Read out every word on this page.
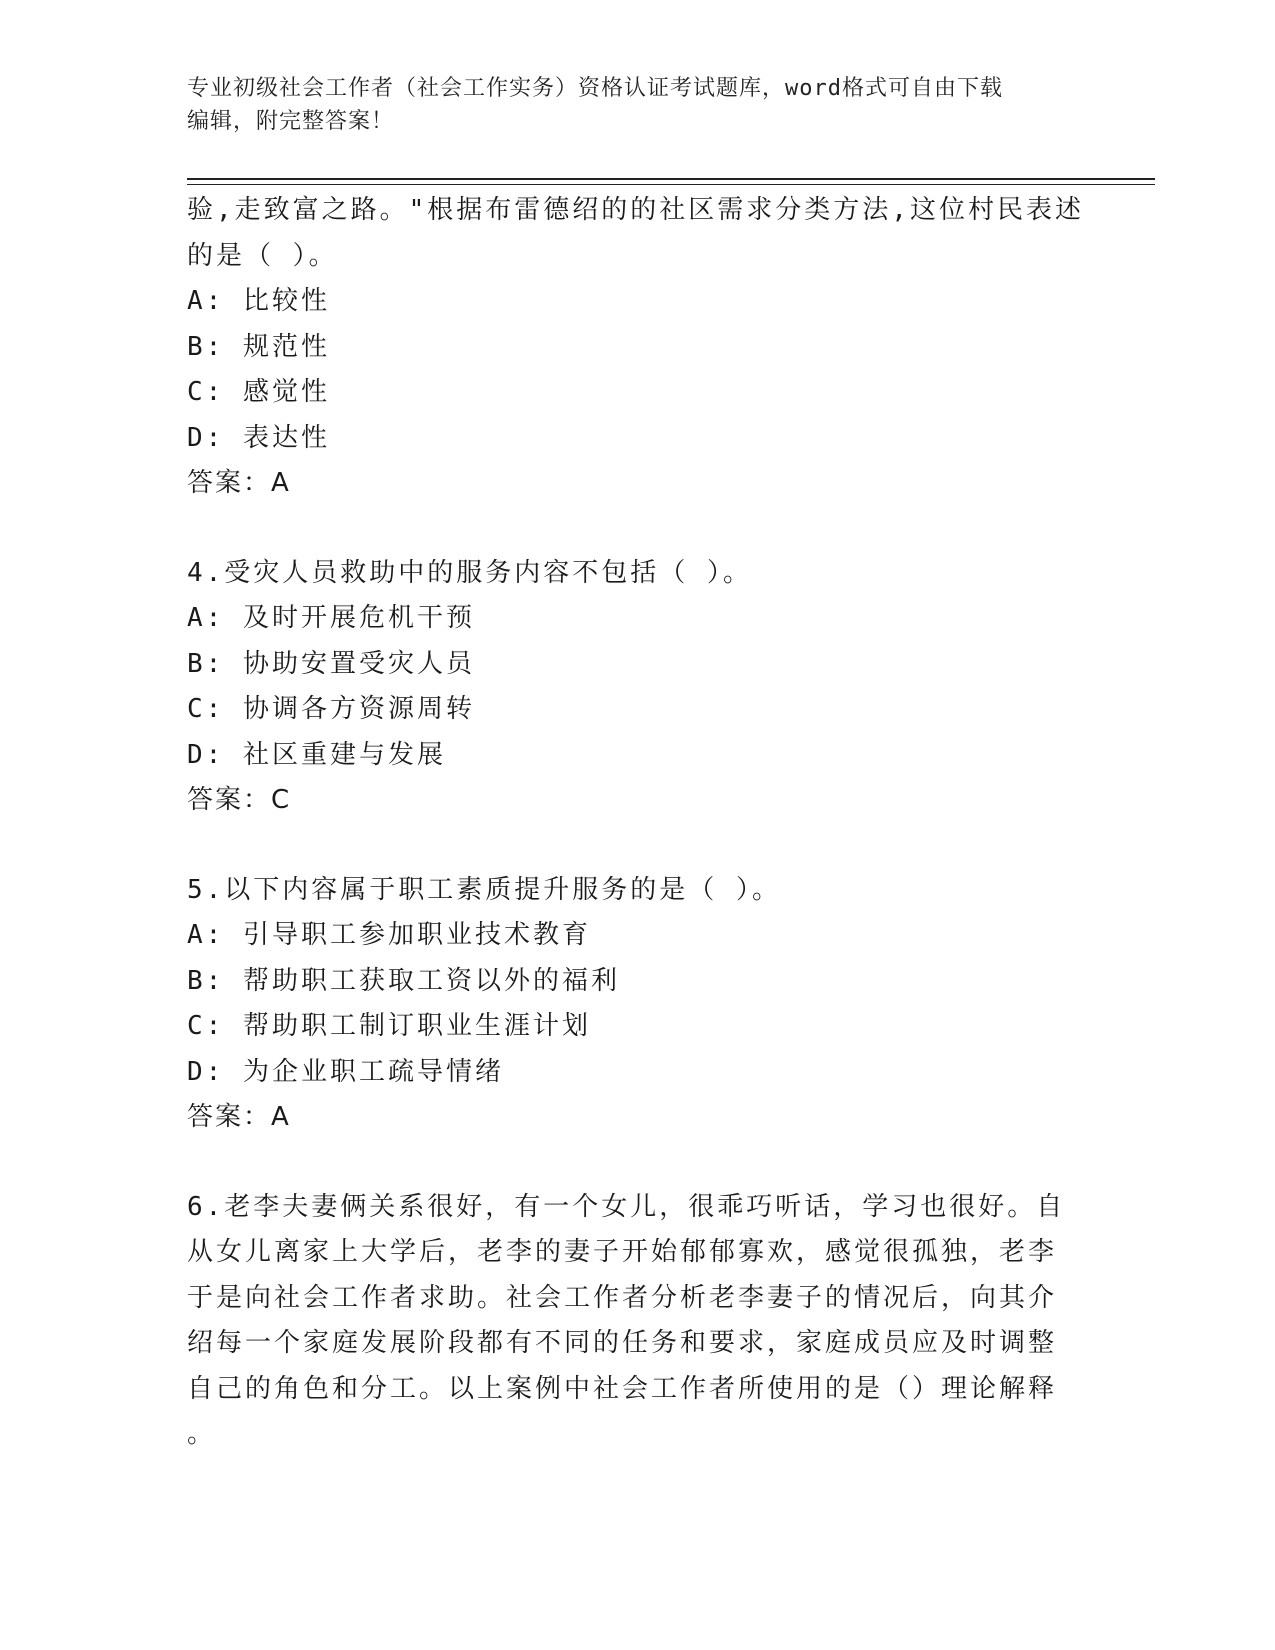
专业初级社会工作者（社会工作实务）资格认证考试题库，word格式可自由下载
编辑，附完整答案！
验,走致富之路。"根据布雷德绍的的社区需求分类方法,这位村民表述
的是（ ）。
A: 比较性
B: 规范性
C: 感觉性
D: 表达性
答案：A
4.受灾人员救助中的服务内容不包括（ ）。
A: 及时开展危机干预
B: 协助安置受灾人员
C: 协调各方资源周转
D: 社区重建与发展
答案：C
5.以下内容属于职工素质提升服务的是（ ）。
A: 引导职工参加职业技术教育
B: 帮助职工获取工资以外的福利
C: 帮助职工制订职业生涯计划
D: 为企业职工疏导情绪
答案：A
6.老李夫妻俩关系很好，有一个女儿，很乖巧听话，学习也很好。自
从女儿离家上大学后，老李的妻子开始郁郁寡欢，感觉很孤独，老李
于是向社会工作者求助。社会工作者分析老李妻子的情况后，向其介
绍每一个家庭发展阶段都有不同的任务和要求，家庭成员应及时调整
自己的角色和分工。以上案例中社会工作者所使用的是（）理论解释
。
